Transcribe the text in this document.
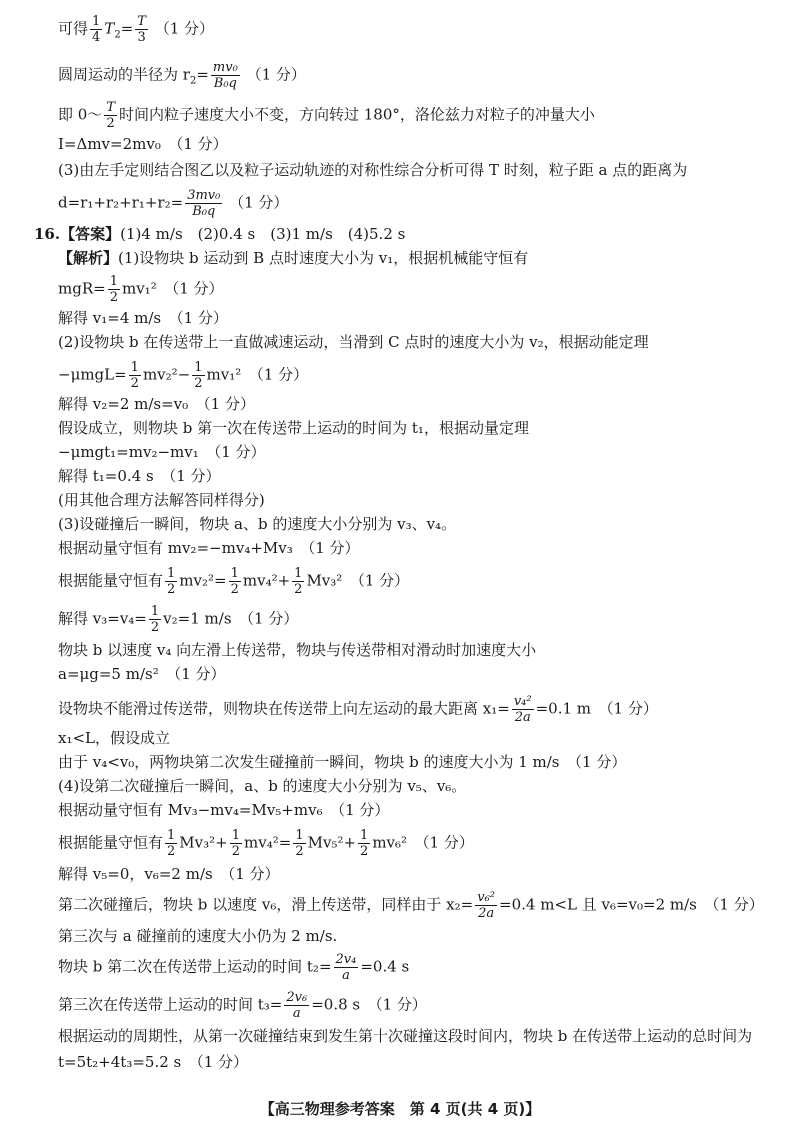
可得 $\frac{1}{4} T_2= \frac{T}{3} (1$ 分）
圆周运动的半径为 $r_2= \frac{\text{mv₀}}{\text{B₀q}} (1$ 分）
即 0～ $\frac{T}{2}$ 时间内粒子速度大小不变，方向转过 180°，洛伦兹力对粒子的冲量大小
I=Δmv=2mv₀　（1 分）
(3)由左手定则结合图乙以及粒子运动轨迹的对称性综合分析可得 T 时刻，粒子距 a 点的距离为
$d=r_1+r_2+r_1+r_2= \frac{\text{3mv₀}}{\text{B₀q}} (1$ 分）
16.【答案】(1)4 m/s　(2)0.4 s　(3)1 m/s　(4)5.2 s
【解析】(1)设物块 b 运动到 B 点时速度大小为 v₁，根据机械能守恒有
$mgR= \frac{1}{2} mv_1^2$　（1 分）
解得 v₁=4 m/s　（1 分）
(2)设物块 b 在传送带上一直做减速运动，当滑到 C 点时的速度大小为 v₂，根据动能定理
$-\mu mgL= \frac{1}{2} mv_2^2- \frac{1}{2} mv_1^2$　（1 分）
解得 v₂=2 m/s=v₀　（1 分）
假设成立，则物块 b 第一次在传送带上运动的时间为 t₁，根据动量定理
−μmgt₁=mv₂−mv₁　（1 分）
解得 t₁=0.4 s　（1 分）
(用其他合理方法解答同样得分)
(3)设碰撞后一瞬间，物块 a、b 的速度大小分别为 v₃、v₄。
根据动量守恒有 mv₂=−mv₄+Mv₃　（1 分）
根据能量守恒有 $\frac{1}{2} mv_2^2= \frac{1}{2} mv_4^2+ \frac{1}{2} Mv_3^2$　（1 分）
解得 $v_3=v_4= \frac{1}{2} v_2=1$ m/s　（1 分）
物块 b 以速度 v₄ 向左滑上传送带，物块与传送带相对滑动时加速度大小
a=μg=5 m/s²　（1 分）
设物块不能滑过传送带，则物块在传送带上向左运动的最大距离 $x_1= \frac{\text{v₄²}}{2a} =0.1$ m　（1 分）
x₁<L，假设成立
由于 v₄<v₀，两物块第二次发生碰撞前一瞬间，物块 b 的速度大小为 1 m/s　（1 分）
(4)设第二次碰撞后一瞬间，a、b 的速度大小分别为 v₅、v₆。
根据动量守恒有 Mv₃−mv₄=Mv₅+mv₆　（1 分）
根据能量守恒有 $\frac{1}{2} Mv_3^2+ \frac{1}{2} mv_4^2= \frac{1}{2} Mv_5^2+ \frac{1}{2} mv_6^2$　（1 分）
解得 v₅=0，v₆=2 m/s　（1 分）
第二次碰撞后，物块 b 以速度 v₆，滑上传送带，同样由于 $x_2= \frac{\text{v₆²}}{2a} =0.4$ m<L 且 v₆=v₀=2 m/s　（1 分）
第三次与 a 碰撞前的速度大小仍为 2 m/s.
物块 b 第二次在传送带上运动的时间 $t_2= \frac{\text{2v₄}}{a} =0.4$ s
第三次在传送带上运动的时间 $t_3= \frac{\text{2v₆}}{a} =0.8$ s　（1 分）
根据运动的周期性，从第一次碰撞结束到发生第十次碰撞这段时间内，物块 b 在传送带上运动的总时间为
t=5t₂+4t₃=5.2 s　（1 分）
【高三物理参考答案　第 4 页(共 4 页)】
